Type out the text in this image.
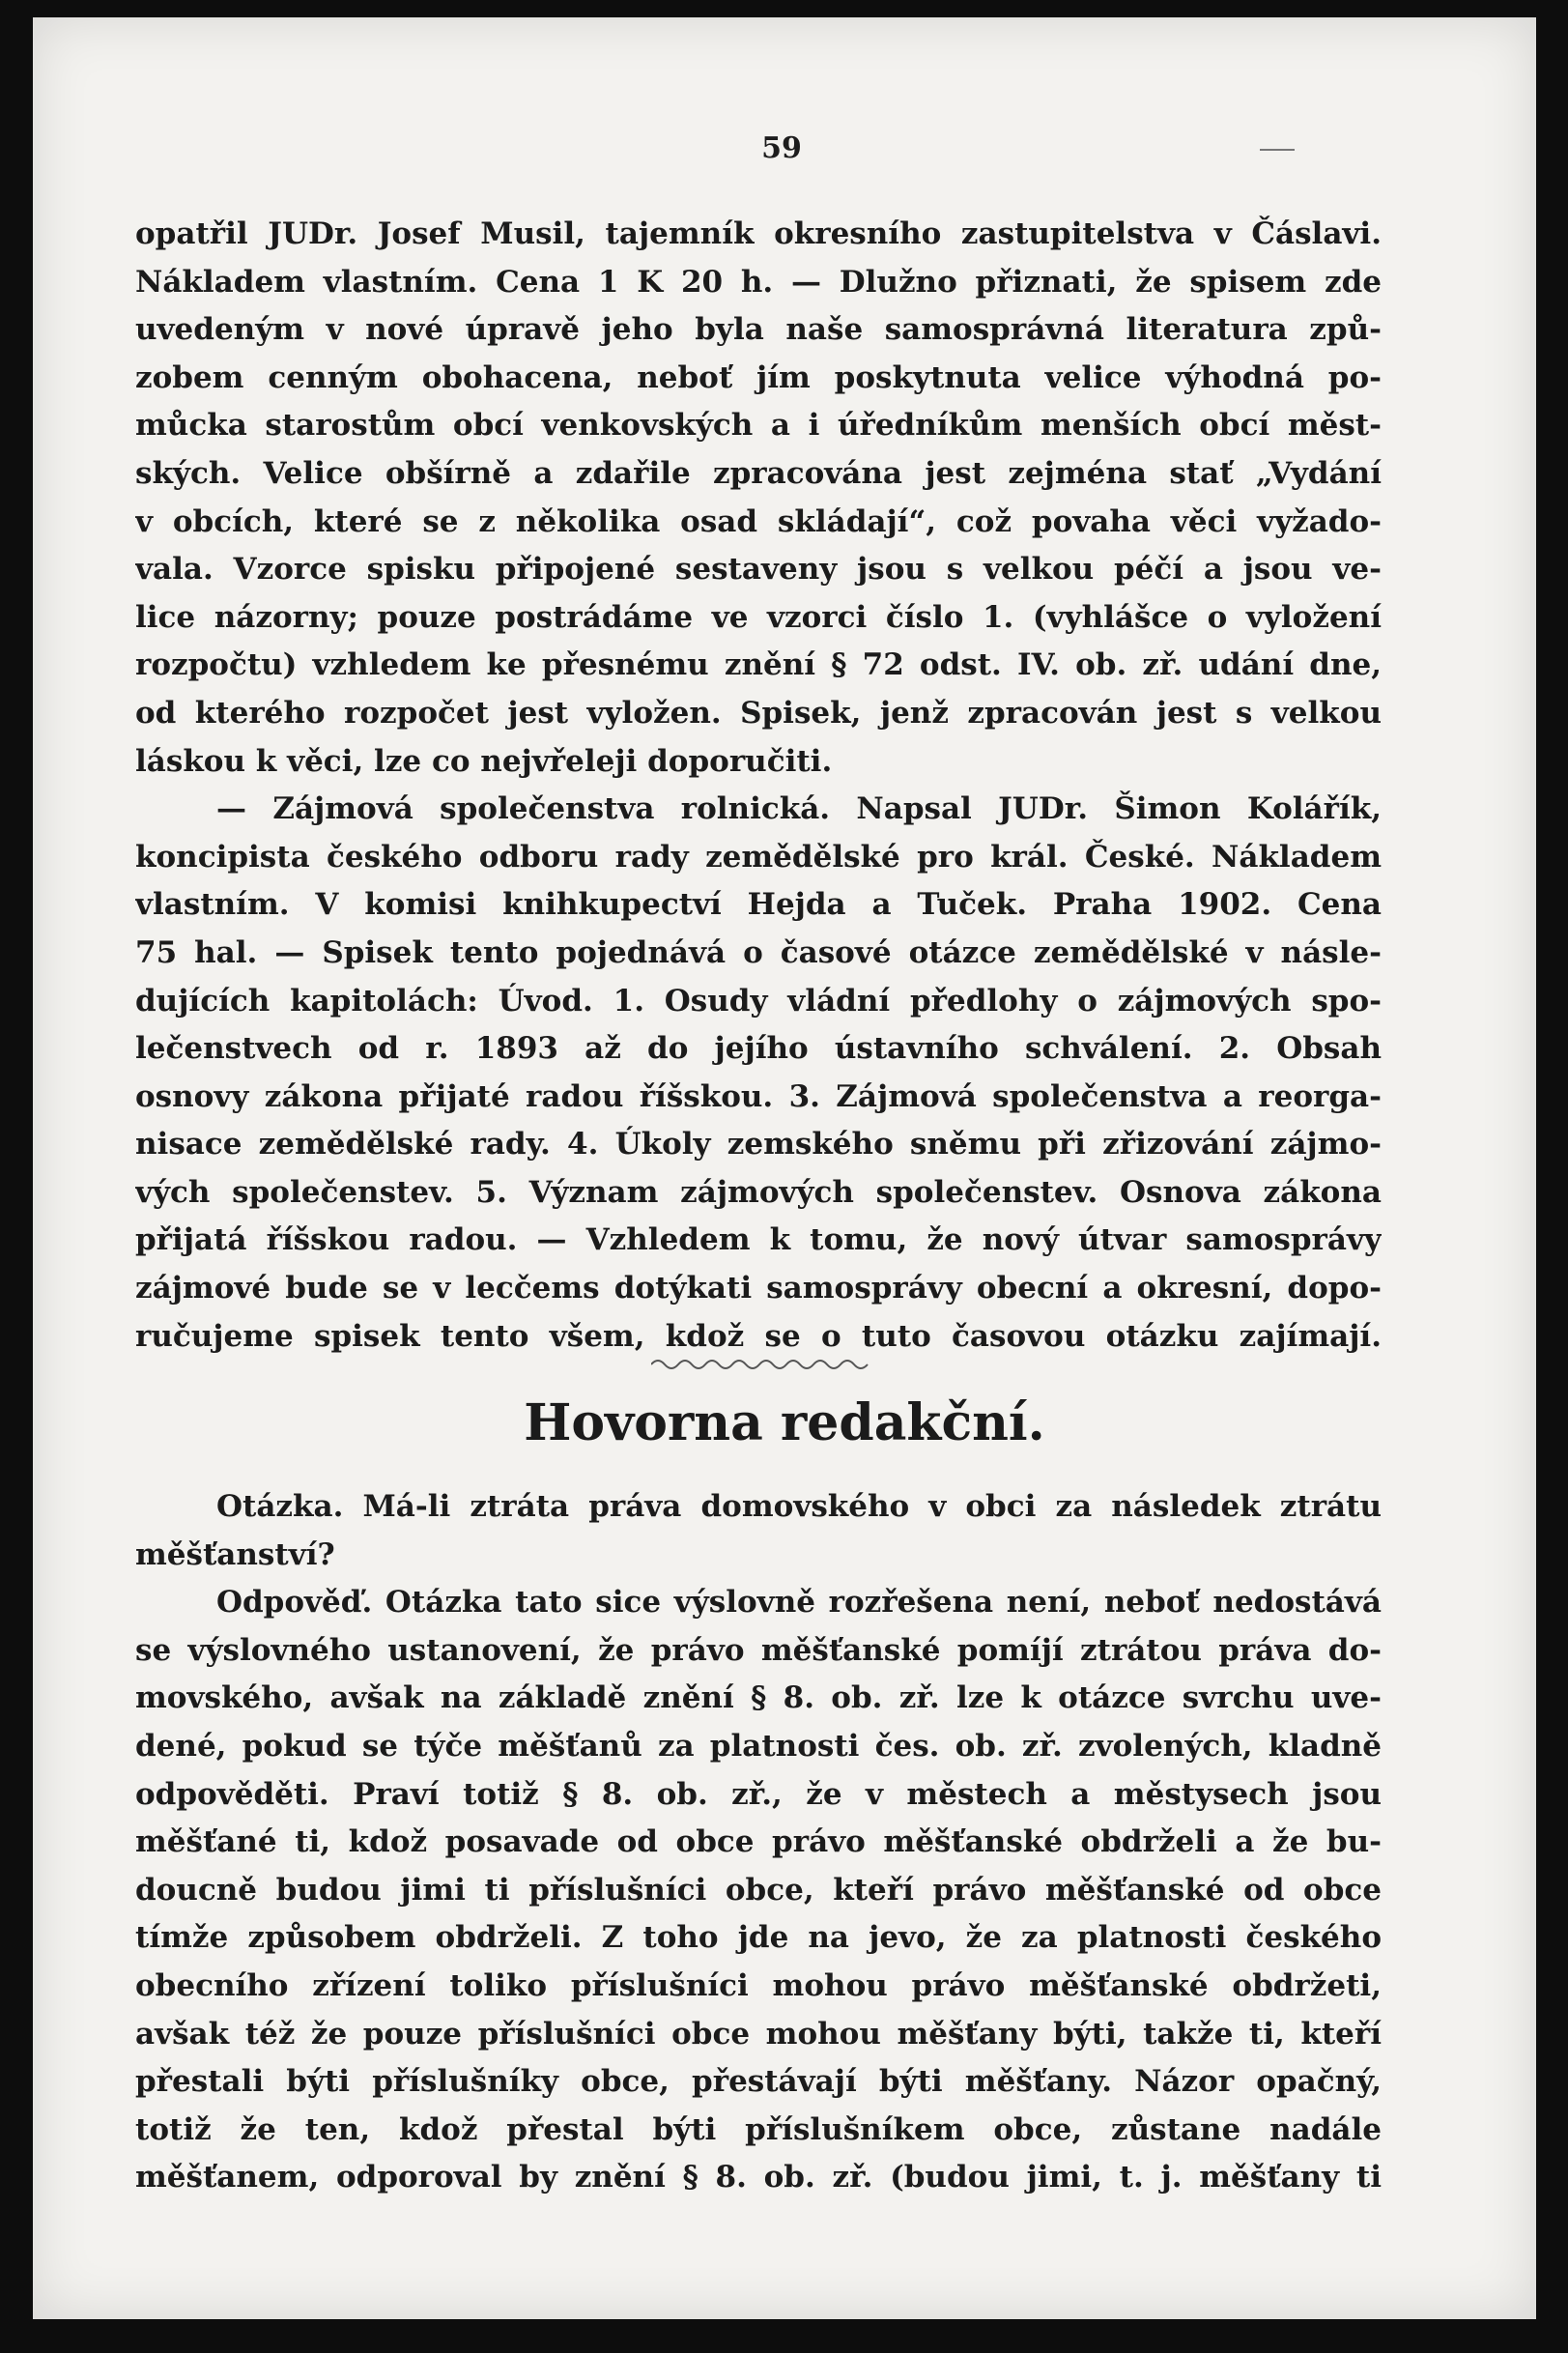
59
opatřil JUDr. Josef Musil, tajemník okresního zastupitelstva v Čáslavi.
Nákladem vlastním. Cena 1 K 20 h. — Dlužno přiznati, že spisem zde
uvedeným v nové úpravě jeho byla naše samosprávná literatura způ-
zobem cenným obohacena, neboť jím poskytnuta velice výhodná po-
můcka starostům obcí venkovských a i úředníkům menších obcí měst-
ských. Velice obšírně a zdařile zpracována jest zejména stať „Vydání
v obcích, které se z několika osad skládají“, což povaha věci vyžado-
vala. Vzorce spisku připojené sestaveny jsou s velkou péčí a jsou ve-
lice názorny; pouze postrádáme ve vzorci číslo 1. (vyhlášce o vyložení
rozpočtu) vzhledem ke přesnému znění § 72 odst. IV. ob. zř. udání dne,
od kterého rozpočet jest vyložen. Spisek, jenž zpracován jest s velkou
láskou k věci, lze co nejvřeleji doporučiti.
— Zájmová společenstva rolnická. Napsal JUDr. Šimon Kolářík,
koncipista českého odboru rady zemědělské pro král. České. Nákladem
vlastním. V komisi knihkupectví Hejda a Tuček. Praha 1902. Cena
75 hal. — Spisek tento pojednává o časové otázce zemědělské v násle-
dujících kapitolách: Úvod. 1. Osudy vládní předlohy o zájmových spo-
lečenstvech od r. 1893 až do jejího ústavního schválení. 2. Obsah
osnovy zákona přijaté radou říšskou. 3. Zájmová společenstva a reorga-
nisace zemědělské rady. 4. Úkoly zemského sněmu při zřizování zájmo-
vých společenstev. 5. Význam zájmových společenstev. Osnova zákona
přijatá říšskou radou. — Vzhledem k tomu, že nový útvar samosprávy
zájmové bude se v lecčems dotýkati samosprávy obecní a okresní, dopo-
ručujeme spisek tento všem, kdož se o tuto časovou otázku zajímají.
Hovorna redakční.
Otázka. Má-li ztráta práva domovského v obci za následek ztrátu
měšťanství?
Odpověď. Otázka tato sice výslovně rozřešena není, neboť nedostává
se výslovného ustanovení, že právo měšťanské pomíjí ztrátou práva do-
movského, avšak na základě znění § 8. ob. zř. lze k otázce svrchu uve-
dené, pokud se týče měšťanů za platnosti čes. ob. zř. zvolených, kladně
odpověděti. Praví totiž § 8. ob. zř., že v městech a městysech jsou
měšťané ti, kdož posavade od obce právo měšťanské obdrželi a že bu-
doucně budou jimi ti příslušníci obce, kteří právo měšťanské od obce
tímže způsobem obdrželi. Z toho jde na jevo, že za platnosti českého
obecního zřízení toliko příslušníci mohou právo měšťanské obdržeti,
avšak též že pouze příslušníci obce mohou měšťany býti, takže ti, kteří
přestali býti příslušníky obce, přestávají býti měšťany. Názor opačný,
totiž že ten, kdož přestal býti příslušníkem obce, zůstane nadále
měšťanem, odporoval by znění § 8. ob. zř. (budou jimi, t. j. měšťany ti
